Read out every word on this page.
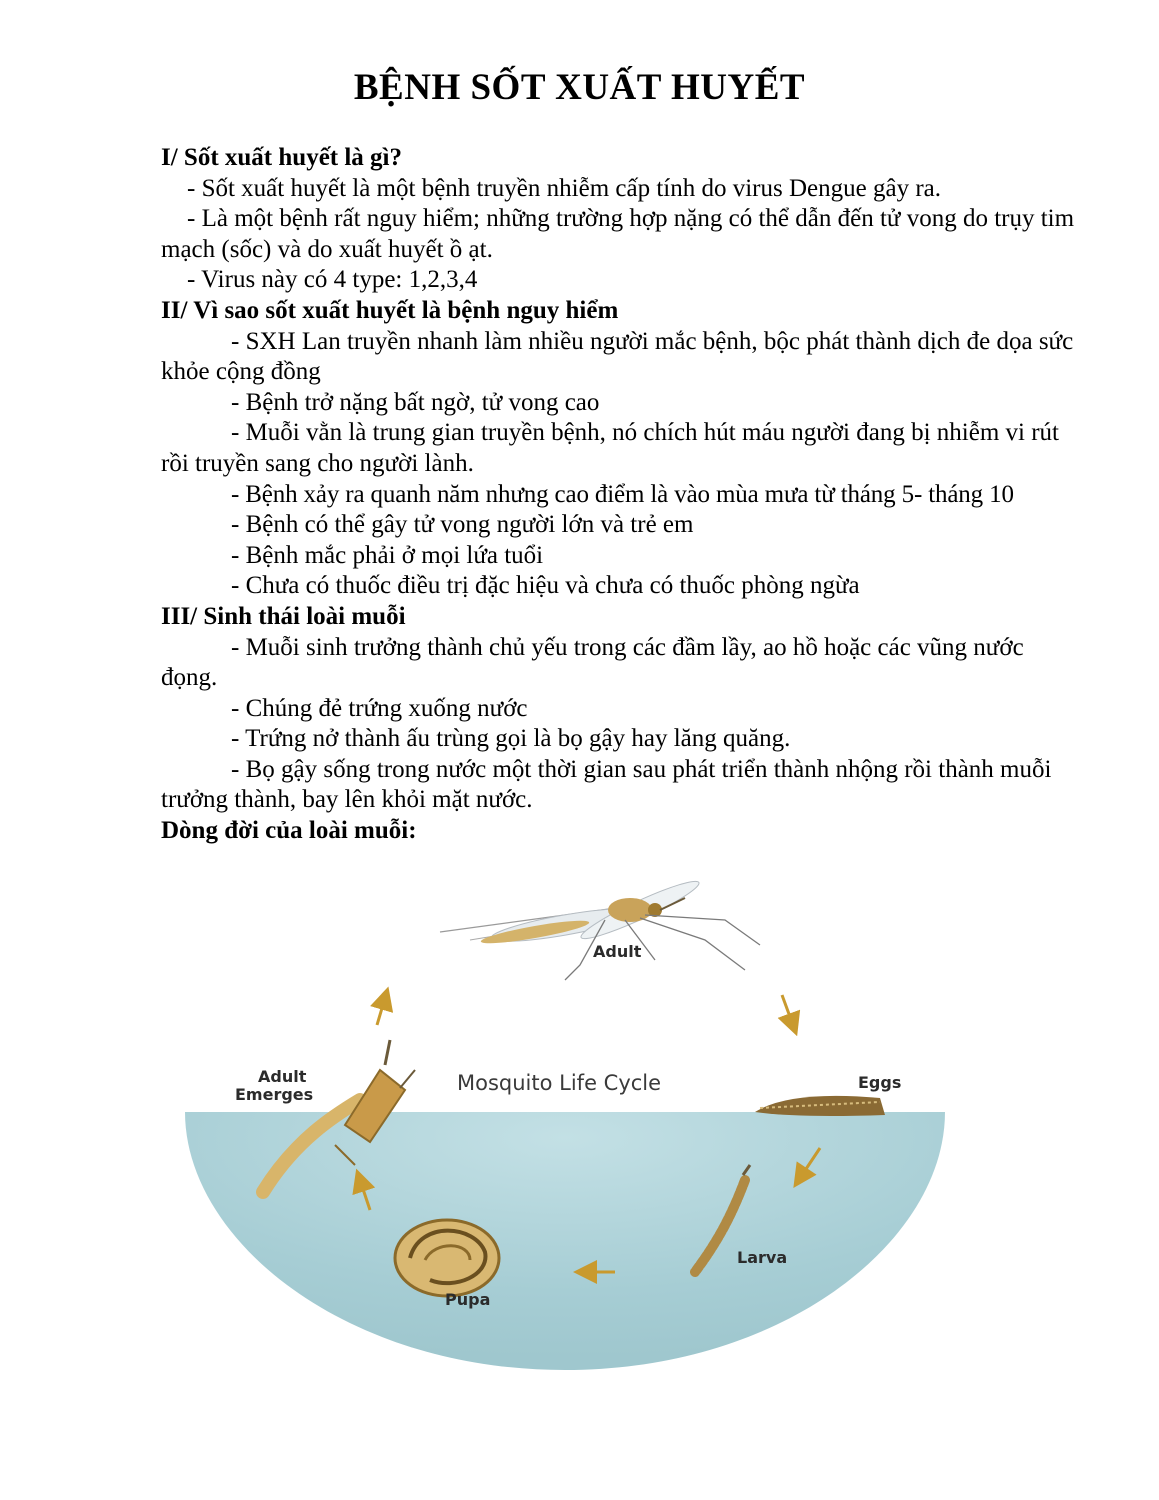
BỆNH SỐT XUẤT HUYẾT

I/ Sốt xuất huyết là gì?

- Sốt xuất huyết là một bệnh truyền nhiễm cấp tính do virus Dengue gây ra.

- Là một bệnh rất nguy hiểm; những trường hợp nặng có thể dẫn đến tử vong do trụy tim mạch (sốc) và do xuất huyết ồ ạt.

- Virus này có 4 type: 1,2,3,4

II/ Vì sao sốt xuất huyết là bệnh nguy hiểm

- SXH Lan truyền nhanh làm nhiều người mắc bệnh, bộc phát thành dịch đe dọa sức khỏe cộng đồng

- Bệnh trở nặng bất ngờ, tử vong cao

- Muỗi vằn là trung gian truyền bệnh, nó chích hút máu người đang bị nhiễm vi rút rồi truyền sang cho người lành.

- Bệnh xảy ra quanh năm nhưng cao điểm là vào mùa mưa từ tháng 5- tháng 10

- Bệnh có thể gây tử vong người lớn và trẻ em

- Bệnh mắc phải ở mọi lứa tuổi

- Chưa có thuốc điều trị đặc hiệu và chưa có thuốc phòng ngừa

III/ Sinh thái loài muỗi

- Muỗi sinh trưởng thành chủ yếu trong các đầm lầy, ao hồ hoặc các vũng nước đọng.

- Chúng đẻ trứng xuống nước

- Trứng nở thành ấu trùng gọi là bọ gậy hay lăng quăng.

- Bọ gậy sống trong nước một thời gian sau phát triển thành nhộng rồi thành muỗi trưởng thành, bay lên khỏi mặt nước.

Dòng đời của loài muỗi:

Adult
Mosquito Life Cycle	Eggs
Larva
Pupa
Adult
Emerges
